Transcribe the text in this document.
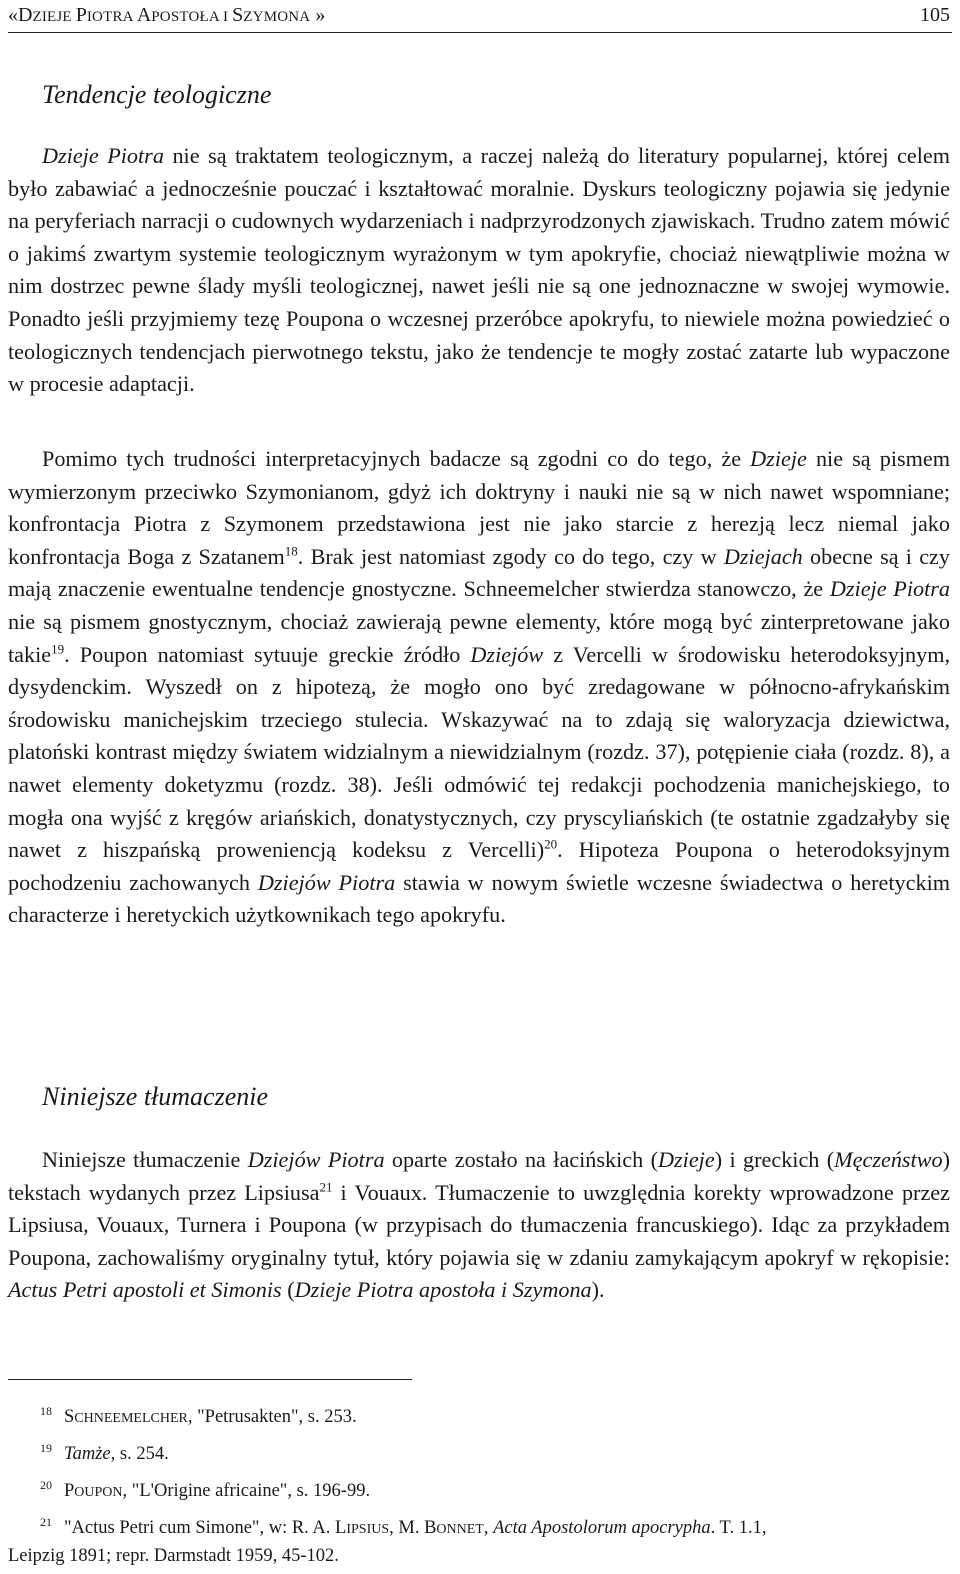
«DZIEJE PIOTRA APOSTOŁA I SZYMONA »	105
Tendencje teologiczne

Dzieje Piotra nie są traktatem teologicznym, a raczej należą do literatury popularnej, której celem było zabawiać a jednocześnie pouczać i kształtować moralnie. Dyskurs teologiczny pojawia się jedynie na peryferiach narracji o cudownych wydarzeniach i nadprzyrodzonych zjawiskach. Trudno zatem mówić o jakimś zwartym systemie teologicznym wyrażonym w tym apokryfie, chociaż niewątpliwie można w nim dostrzec pewne ślady myśli teologicznej, nawet jeśli nie są one jednoznaczne w swojej wymowie. Ponadto jeśli przyjmiemy tezę Poupona o wczesnej przeróbce apokryfu, to niewiele można powiedzieć o teologicznych tendencjach pierwotnego tekstu, jako że tendencje te mogły zostać zatarte lub wypaczone w procesie adaptacji.

Pomimo tych trudności interpretacyjnych badacze są zgodni co do tego, że Dzieje nie są pismem wymierzonym przeciwko Szymonianom, gdyż ich doktryny i nauki nie są w nich nawet wspomniane; konfrontacja Piotra z Szymonem przedstawiona jest nie jako starcie z herezją lecz niemal jako konfrontacja Boga z Szatanem$^{18}$. Brak jest natomiast zgody co do tego, czy w Dziejach obecne są i czy mają znaczenie ewentualne tendencje gnostyczne. Schneemelcher stwierdza stanowczo, że Dzieje Piotra nie są pismem gnostycznym, chociaż zawierają pewne elementy, które mogą być zinterpretowane jako takie$^{19}$. Poupon natomiast sytuuje greckie źródło Dziejów z Vercelli w środowisku heterodoksyjnym, dysydenckim. Wyszedł on z hipotezą, że mogło ono być zredagowane w północno-afrykańskim środowisku manichejskim trzeciego stulecia. Wskazywać na to zdają się waloryzacja dziewictwa, platoński kontrast między światem widzialnym a niewidzialnym (rozdz. 37), potępienie ciała (rozdz. 8), a nawet elementy doketyzmu (rozdz. 38). Jeśli odmówić tej redakcji pochodzenia manichejskiego, to mogła ona wyjść z kręgów ariańskich, donatystycznych, czy pryscyliańskich (te ostatnie zgadzałyby się nawet z hiszpańską proweniencją kodeksu z Vercelli)$^{20}$. Hipoteza Poupona o heterodoksyjnym pochodzeniu zachowanych Dziejów Piotra stawia w nowym świetle wczesne świadectwa o heretyckim characterze i heretyckich użytkownikach tego apokryfu.

Niniejsze tłumaczenie

Niniejsze tłumaczenie Dziejów Piotra oparte zostało na łacińskich (Dzieje) i greckich (Męczeństwo) tekstach wydanych przez Lipsiusa$^{21}$ i Vouaux. Tłumaczenie to uwzględnia korekty wprowadzone przez Lipsiusa, Vouaux, Turnera i Poupona (w przypisach do tłumaczenia francuskiego). Idąc za przykładem Poupona, zachowaliśmy oryginalny tytuł, który pojawia się w zdaniu zamykającym apokryf w rękopisie: Actus Petri apostoli et Simonis (Dzieje Piotra apostoła i Szymona).

18 SCHNEEMELCHER, "Petrusakten", s. 253.

19 Tamże, s. 254.

20 POUPON, "L'Origine africaine", s. 196-99.

21 "Actus Petri cum Simone", w: R. A. LIPSIUS, M. BONNET, Acta Apostolorum apocrypha. T. 1.1,
Leipzig 1891; repr. Darmstadt 1959, 45-102.
